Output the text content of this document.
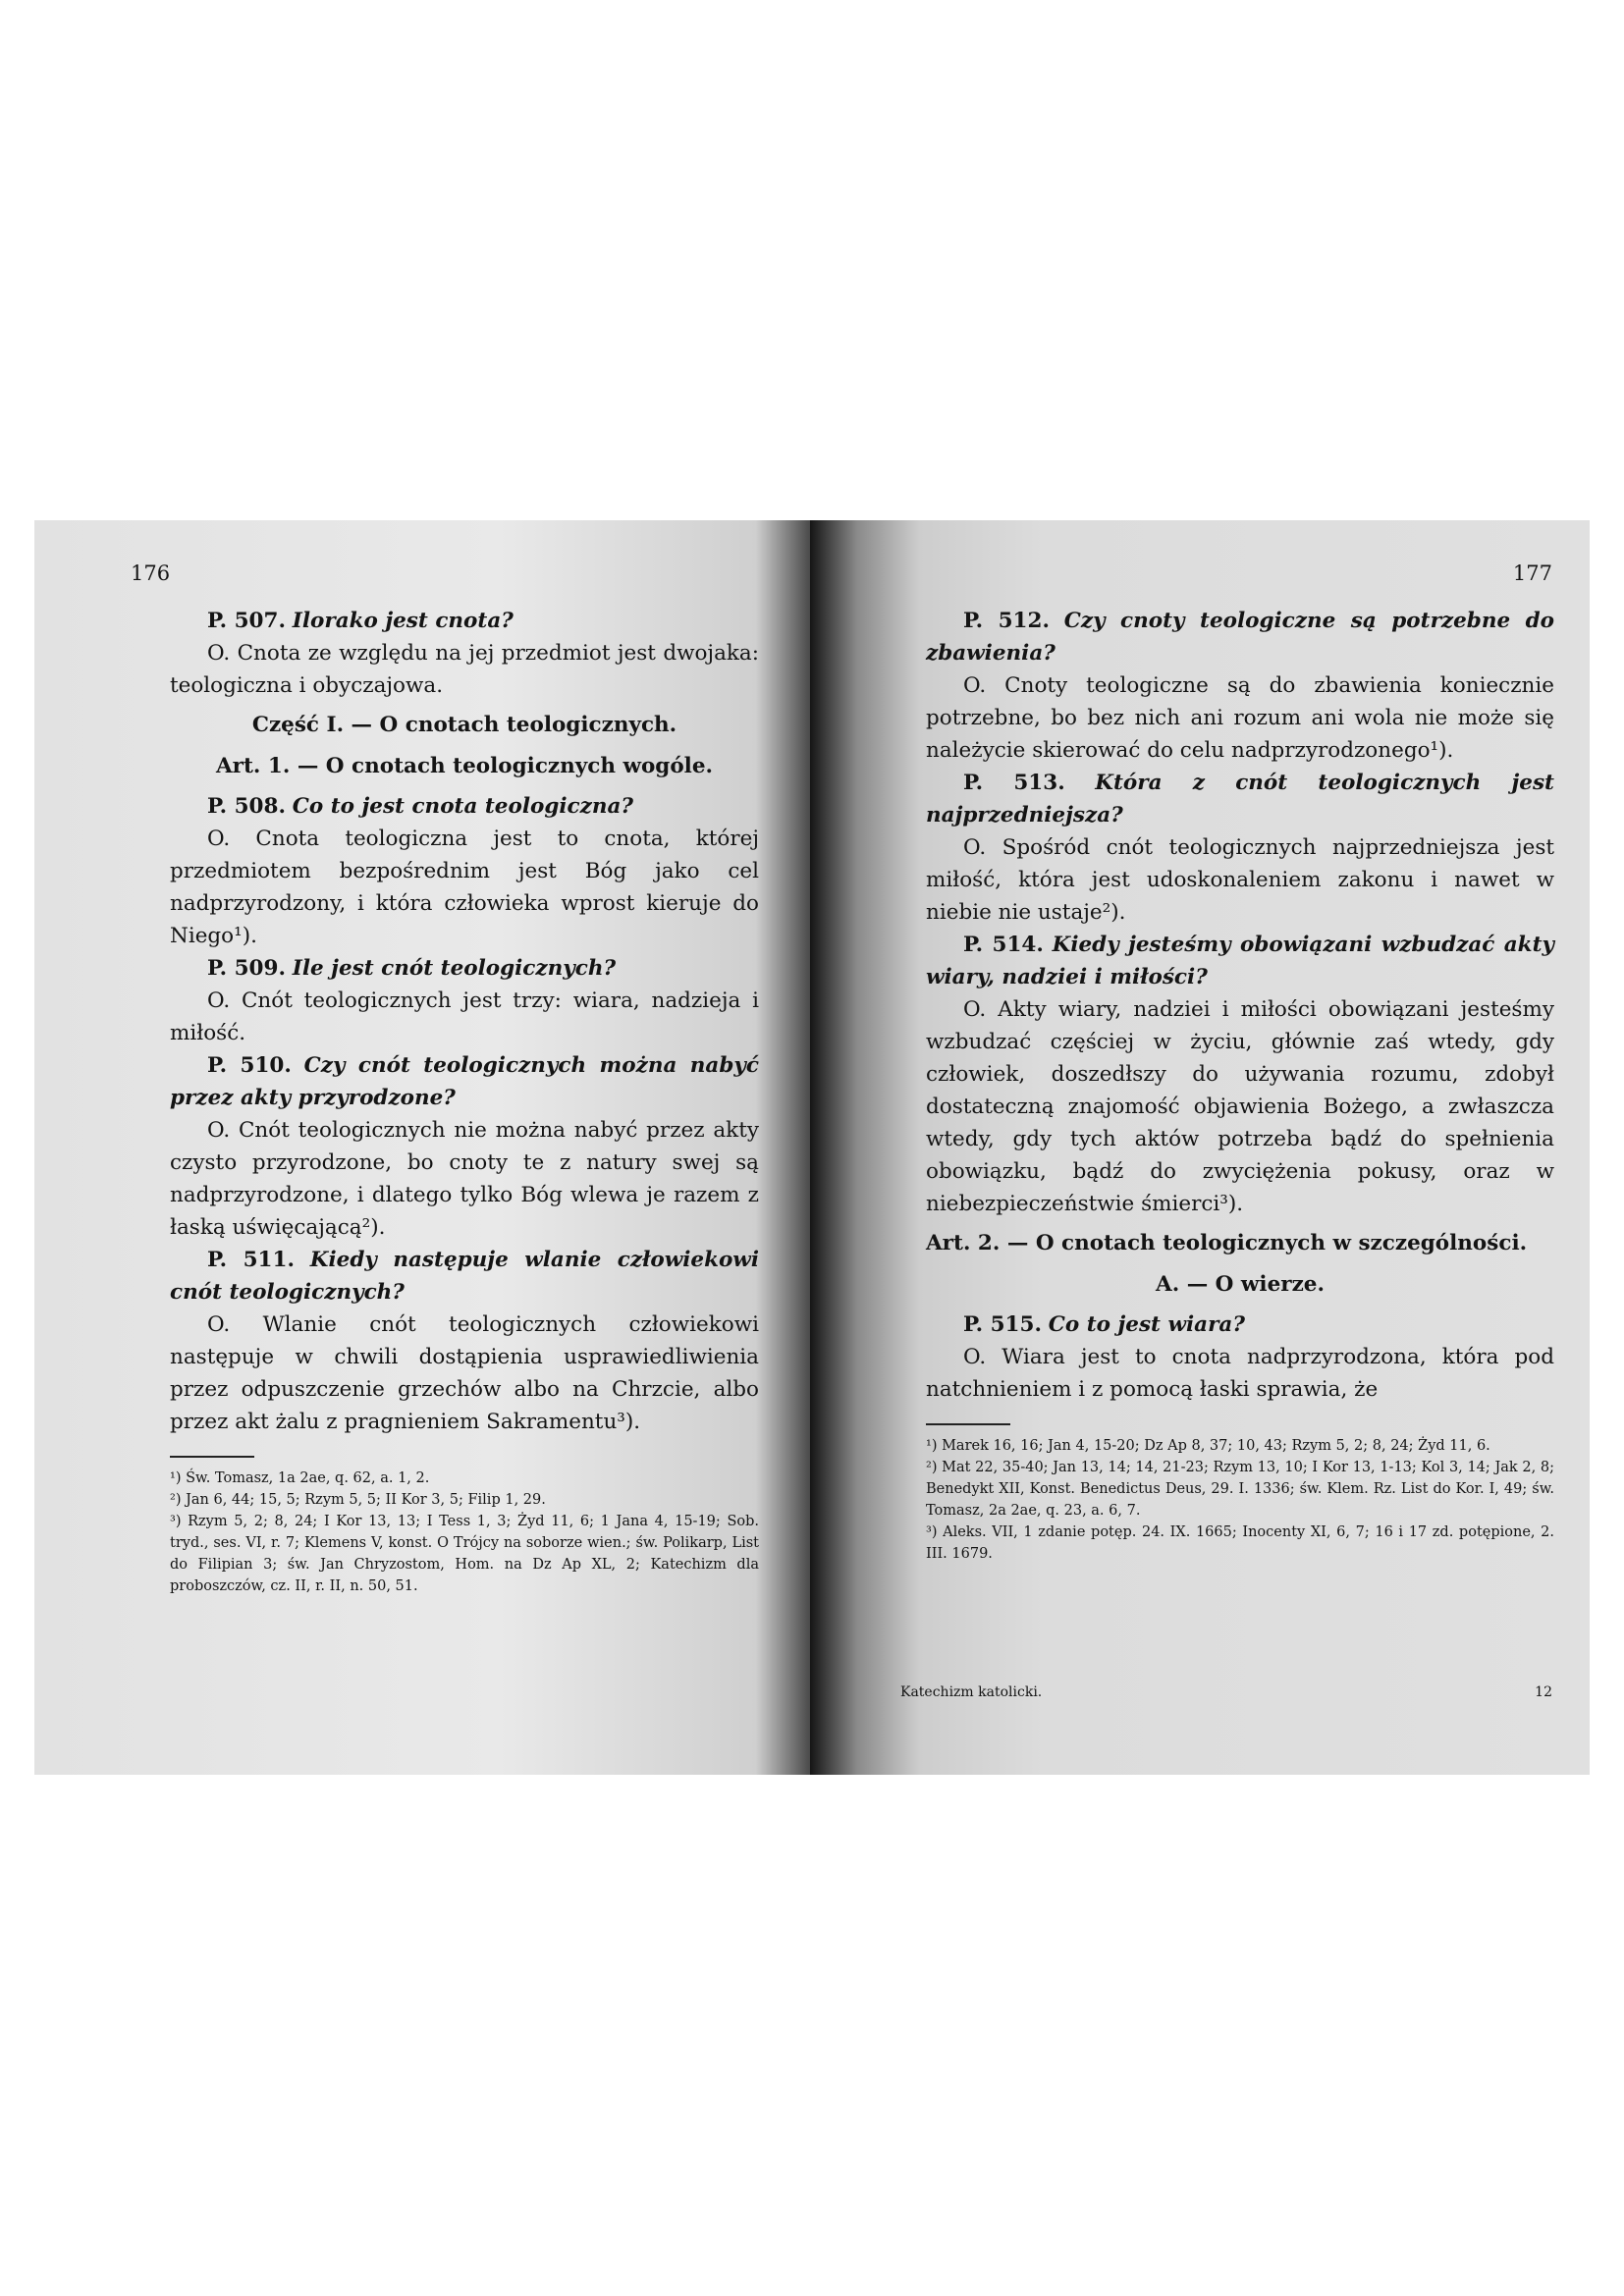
176

P. 507. Ilorako jest cnota?

O. Cnota ze względu na jej przedmiot jest dwojaka: teologiczna i obyczajowa.

Część I. — O cnotach teologicznych.
Art. 1. — O cnotach teologicznych wogóle.

P. 508. Co to jest cnota teologiczna?

O. Cnota teologiczna jest to cnota, której przedmiotem bezpośrednim jest Bóg jako cel nadprzyrodzony, i która człowieka wprost kieruje do Niego¹).

P. 509. Ile jest cnót teologicznych?

O. Cnót teologicznych jest trzy: wiara, nadzieja i miłość.

P. 510. Czy cnót teologicznych można nabyć przez akty przyrodzone?

O. Cnót teologicznych nie można nabyć przez akty czysto przyrodzone, bo cnoty te z natury swej są nadprzyrodzone, i dlatego tylko Bóg wlewa je razem z łaską uświęcającą²).

P. 511. Kiedy następuje wlanie człowiekowi cnót teologicznych?

O. Wlanie cnót teologicznych człowiekowi następuje w chwili dostąpienia usprawiedliwienia przez odpuszczenie grzechów albo na Chrzcie, albo przez akt żalu z pragnieniem Sakramentu³).

¹) Św. Tomasz, 1a 2ae, q. 62, a. 1, 2.

²) Jan 6, 44; 15, 5; Rzym 5, 5; II Kor 3, 5; Filip 1, 29.

³) Rzym 5, 2; 8, 24; I Kor 13, 13; I Tess 1, 3; Żyd 11, 6; 1 Jana 4, 15-19; Sob. tryd., ses. VI, r. 7; Klemens V, konst. O Trójcy na soborze wien.; św. Polikarp, List do Filipian 3; św. Jan Chryzostom, Hom. na Dz Ap XL, 2; Katechizm dla proboszczów, cz. II, r. II, n. 50, 51.

177

P. 512. Czy cnoty teologiczne są potrzebne do zbawienia?

O. Cnoty teologiczne są do zbawienia koniecznie potrzebne, bo bez nich ani rozum ani wola nie może się należycie skierować do celu nadprzyrodzonego¹).

P. 513. Która z cnót teologicznych jest najprzedniejsza?

O. Spośród cnót teologicznych najprzedniejsza jest miłość, która jest udoskonaleniem zakonu i nawet w niebie nie ustaje²).

P. 514. Kiedy jesteśmy obowiązani wzbudzać akty wiary, nadziei i miłości?

O. Akty wiary, nadziei i miłości obowiązani jesteśmy wzbudzać częściej w życiu, głównie zaś wtedy, gdy człowiek, doszedłszy do używania rozumu, zdobył dostateczną znajomość objawienia Bożego, a zwłaszcza wtedy, gdy tych aktów potrzeba bądź do spełnienia obowiązku, bądź do zwyciężenia pokusy, oraz w niebezpieczeństwie śmierci³).

Art. 2. — O cnotach teologicznych w szczególności.
A. — O wierze.

P. 515. Co to jest wiara?

O. Wiara jest to cnota nadprzyrodzona, która pod natchnieniem i z pomocą łaski sprawia, że

¹) Marek 16, 16; Jan 4, 15-20; Dz Ap 8, 37; 10, 43; Rzym 5, 2; 8, 24; Żyd 11, 6.

²) Mat 22, 35-40; Jan 13, 14; 14, 21-23; Rzym 13, 10; I Kor 13, 1-13; Kol 3, 14; Jak 2, 8; Benedykt XII, Konst. Benedictus Deus, 29. I. 1336; św. Klem. Rz. List do Kor. I, 49; św. Tomasz, 2a 2ae, q. 23, a. 6, 7.

³) Aleks. VII, 1 zdanie potęp. 24. IX. 1665; Inocenty XI, 6, 7; 16 i 17 zd. potępione, 2. III. 1679.

Katechizm katolicki.	12
